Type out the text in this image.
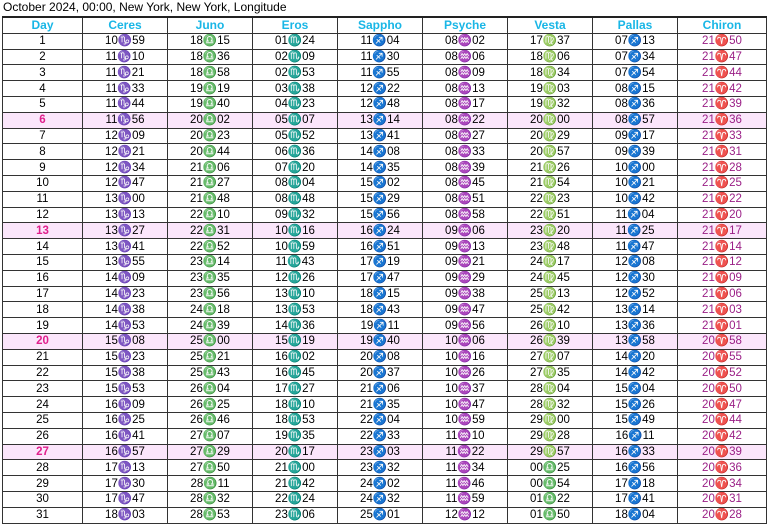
October 2024, 00:00, New York, New York, Longitude
Day	Ceres	Juno	Eros	Sappho	Psyche	Vesta	Pallas	Chiron
1	10♑59	18♎15	01♏24	11♐04	08♒02	17♍37	07♐13	21♈50
2	11♑10	18♎36	02♏09	11♐30	08♒06	18♍06	07♐34	21♈47
3	11♑21	18♎58	02♏53	11♐55	08♒09	18♍34	07♐54	21♈44
4	11♑33	19♎19	03♏38	12♐22	08♒13	19♍03	08♐15	21♈42
5	11♑44	19♎40	04♏23	12♐48	08♒17	19♍32	08♐36	21♈39
6	11♑56	20♎02	05♏07	13♐14	08♒22	20♍00	08♐57	21♈36
7	12♑09	20♎23	05♏52	13♐41	08♒27	20♍29	09♐17	21♈33
8	12♑21	20♎44	06♏36	14♐08	08♒33	20♍57	09♐39	21♈31
9	12♑34	21♎06	07♏20	14♐35	08♒39	21♍26	10♐00	21♈28
10	12♑47	21♎27	08♏04	15♐02	08♒45	21♍54	10♐21	21♈25
11	13♑00	21♎48	08♏48	15♐29	08♒51	22♍23	10♐42	21♈22
12	13♑13	22♎10	09♏32	15♐56	08♒58	22♍51	11♐04	21♈20
13	13♑27	22♎31	10♏16	16♐24	09♒06	23♍20	11♐25	21♈17
14	13♑41	22♎52	10♏59	16♐51	09♒13	23♍48	11♐47	21♈14
15	13♑55	23♎14	11♏43	17♐19	09♒21	24♍17	12♐08	21♈12
16	14♑09	23♎35	12♏26	17♐47	09♒29	24♍45	12♐30	21♈09
17	14♑23	23♎56	13♏10	18♐15	09♒38	25♍13	12♐52	21♈06
18	14♑38	24♎18	13♏53	18♐43	09♒47	25♍42	13♐14	21♈03
19	14♑53	24♎39	14♏36	19♐11	09♒56	26♍10	13♐36	21♈01
20	15♑08	25♎00	15♏19	19♐40	10♒06	26♍39	13♐58	20♈58
21	15♑23	25♎21	16♏02	20♐08	10♒16	27♍07	14♐20	20♈55
22	15♑38	25♎43	16♏45	20♐37	10♒26	27♍35	14♐42	20♈52
23	15♑53	26♎04	17♏27	21♐06	10♒37	28♍04	15♐04	20♈50
24	16♑09	26♎25	18♏10	21♐35	10♒47	28♍32	15♐26	20♈47
25	16♑25	26♎46	18♏53	22♐04	10♒59	29♍00	15♐49	20♈44
26	16♑41	27♎07	19♏35	22♐33	11♒10	29♍28	16♐11	20♈42
27	16♑57	27♎29	20♏17	23♐03	11♒22	29♍57	16♐33	20♈39
28	17♑13	27♎50	21♏00	23♐32	11♒34	00♎25	16♐56	20♈36
29	17♑30	28♎11	21♏42	24♐02	11♒46	00♎54	17♐18	20♈34
30	17♑47	28♎32	22♏24	24♐32	11♒59	01♎22	17♐41	20♈31
31	18♑03	28♎53	23♏06	25♐01	12♒12	01♎50	18♐04	20♈28
